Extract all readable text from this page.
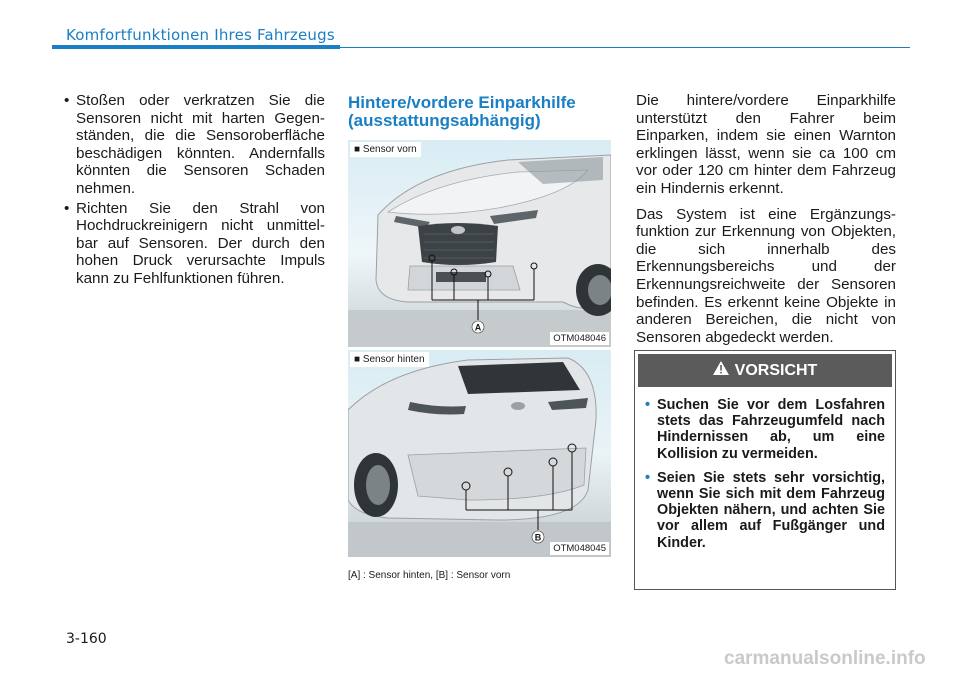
Komfortfunktionen Ihres Fahrzeugs
• Stoßen oder verkratzen Sie die Sensoren nicht mit harten Gegen-ständen, die die Sensoroberfläche beschädigen könnten. Andernfalls könnten die Sensoren Schaden nehmen.
• Richten Sie den Strahl von Hochdruckreinigern nicht unmittel-bar auf Sensoren. Der durch den hohen Druck verursachte Impuls kann zu Fehlfunktionen führen.
Hintere/vordere Einparkhilfe (ausstattungsabhängig)
A
■ Sensor vorn
OTM048046
B
■ Sensor hinten
OTM048045
[A] : Sensor hinten, [B] : Sensor vorn

Die hintere/vordere Einparkhilfe unterstützt den Fahrer beim Einparken, indem sie einen Warnton erklingen lässt, wenn sie ca 100 cm vor oder 120 cm hinter dem Fahrzeug ein Hindernis erkennt.

Das System ist eine Ergänzungs-funktion zur Erkennung von Objekten, die sich innerhalb des Erkennungsbereichs und der Erkennungsreichweite der Sensoren befinden. Es erkennt keine Objekte in anderen Bereichen, die nicht von Sensoren abgedeckt werden.

VORSICHT
• Suchen Sie vor dem Losfahren stets das Fahrzeugumfeld nach Hindernissen ab, um eine Kollision zu vermeiden.
• Seien Sie stets sehr vorsichtig, wenn Sie sich mit dem Fahrzeug Objekten nähern, und achten Sie vor allem auf Fußgänger und Kinder.
3-160
carmanualsonline.info
